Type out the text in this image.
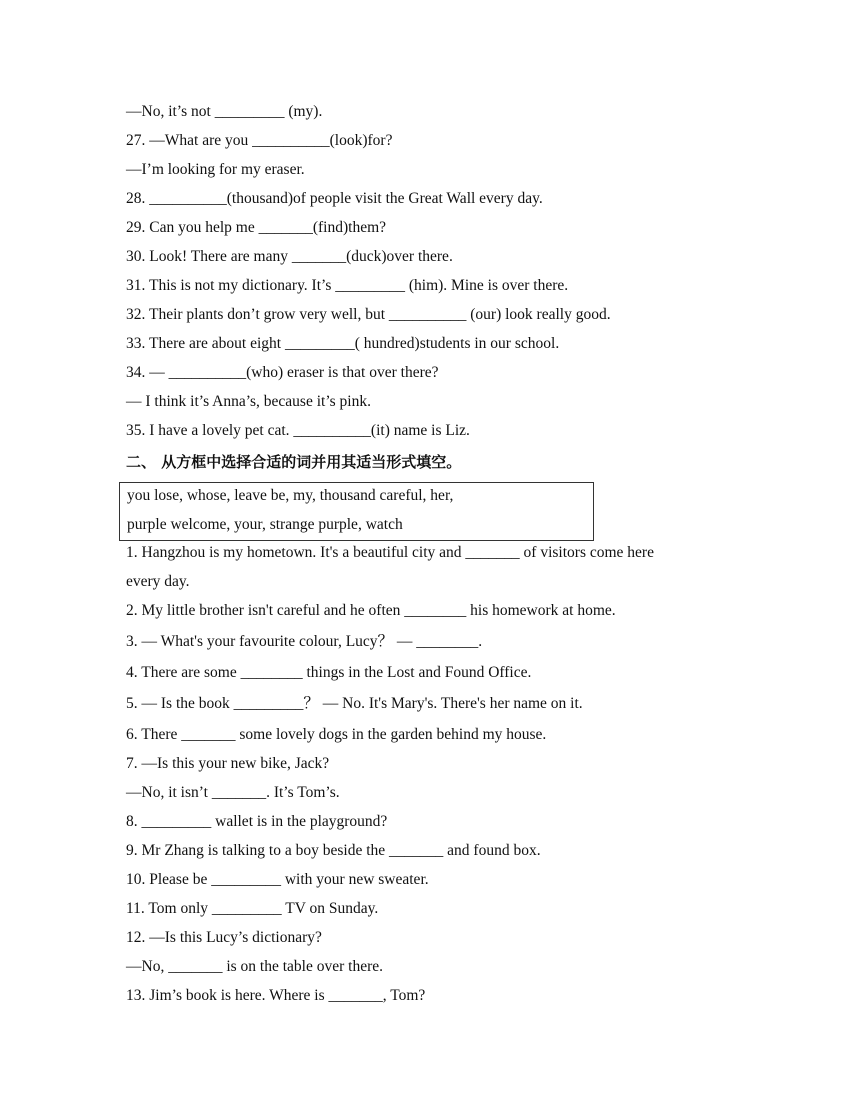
—No, it’s not _________ (my).
27. —What are you __________(look)for?
—I’m looking for my eraser.
28. __________(thousand)of people visit the Great Wall every day.
29. Can you help me _______(find)them?
30. Look! There are many _______(duck)over there.
31. This is not my dictionary. It’s _________ (him). Mine is over there.
32. Their plants don’t grow very well, but __________ (our) look really good.
33. There are about eight _________( hundred)students in our school.
34. — __________(who) eraser is that over there?
— I think it’s Anna’s, because it’s pink.
35. I have a lovely pet cat. __________(it) name is Liz.
二、 从方框中选择合适的词并用其适当形式填空。
you lose, whose, leave be, my, thousand careful, her,
purple welcome, your, strange purple, watch
1. Hangzhou is my hometown. It's a beautiful city and _______ of visitors come here
every day.
2. My little brother isn't careful and he often ________ his homework at home.
3. — What's your favourite colour, Lucy？ — ________.
4. There are some ________ things in the Lost and Found Office.
5. — Is the book _________？ — No. It's Mary's. There's her name on it.
6. There _______ some lovely dogs in the garden behind my house.
7. —Is this your new bike, Jack?
—No, it isn’t _______. It’s Tom’s.
8. _________ wallet is in the playground?
9. Mr Zhang is talking to a boy beside the _______ and found box.
10. Please be _________ with your new sweater.
11. Tom only _________ TV on Sunday.
12. —Is this Lucy’s dictionary?
—No, _______ is on the table over there.
13. Jim’s book is here. Where is _______, Tom?
